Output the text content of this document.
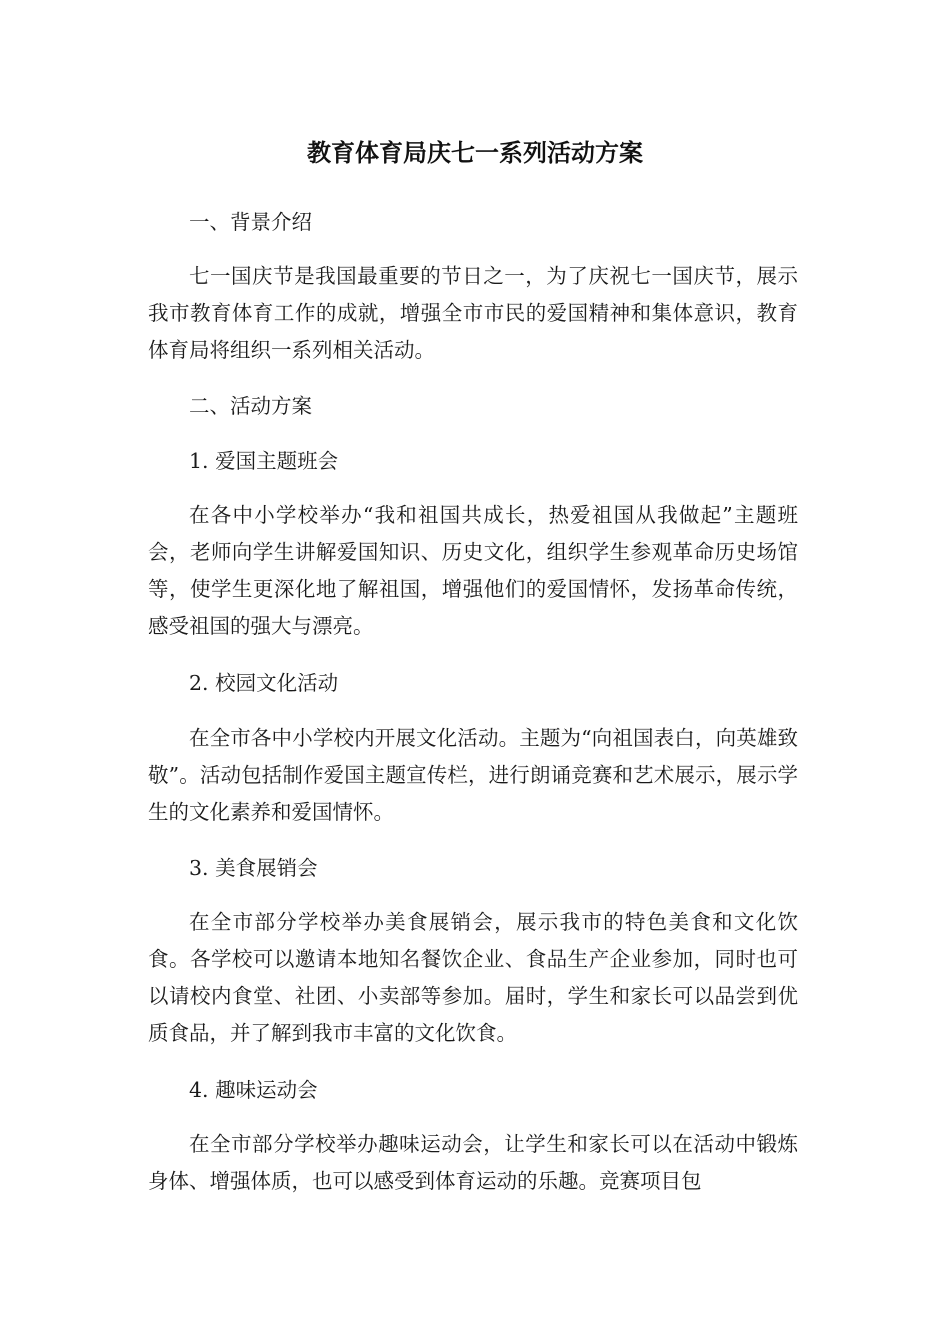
教育体育局庆七一系列活动方案

一、背景介绍

七一国庆节是我国最重要的节日之一，为了庆祝七一国庆节，展示我市教育体育工作的成就，增强全市市民的爱国精神和集体意识，教育体育局将组织一系列相关活动。

二、活动方案

1. 爱国主题班会

在各中小学校举办“我和祖国共成长，热爱祖国从我做起”主题班会，老师向学生讲解爱国知识、历史文化，组织学生参观革命历史场馆等，使学生更深化地了解祖国，增强他们的爱国情怀，发扬革命传统，感受祖国的强大与漂亮。

2. 校园文化活动

在全市各中小学校内开展文化活动。主题为“向祖国表白，向英雄致敬”。活动包括制作爱国主题宣传栏，进行朗诵竞赛和艺术展示，展示学生的文化素养和爱国情怀。

3. 美食展销会

在全市部分学校举办美食展销会，展示我市的特色美食和文化饮食。各学校可以邀请本地知名餐饮企业、食品生产企业参加，同时也可以请校内食堂、社团、小卖部等参加。届时，学生和家长可以品尝到优质食品，并了解到我市丰富的文化饮食。

4. 趣味运动会

在全市部分学校举办趣味运动会，让学生和家长可以在活动中锻炼身体、增强体质，也可以感受到体育运动的乐趣。竞赛项目包
